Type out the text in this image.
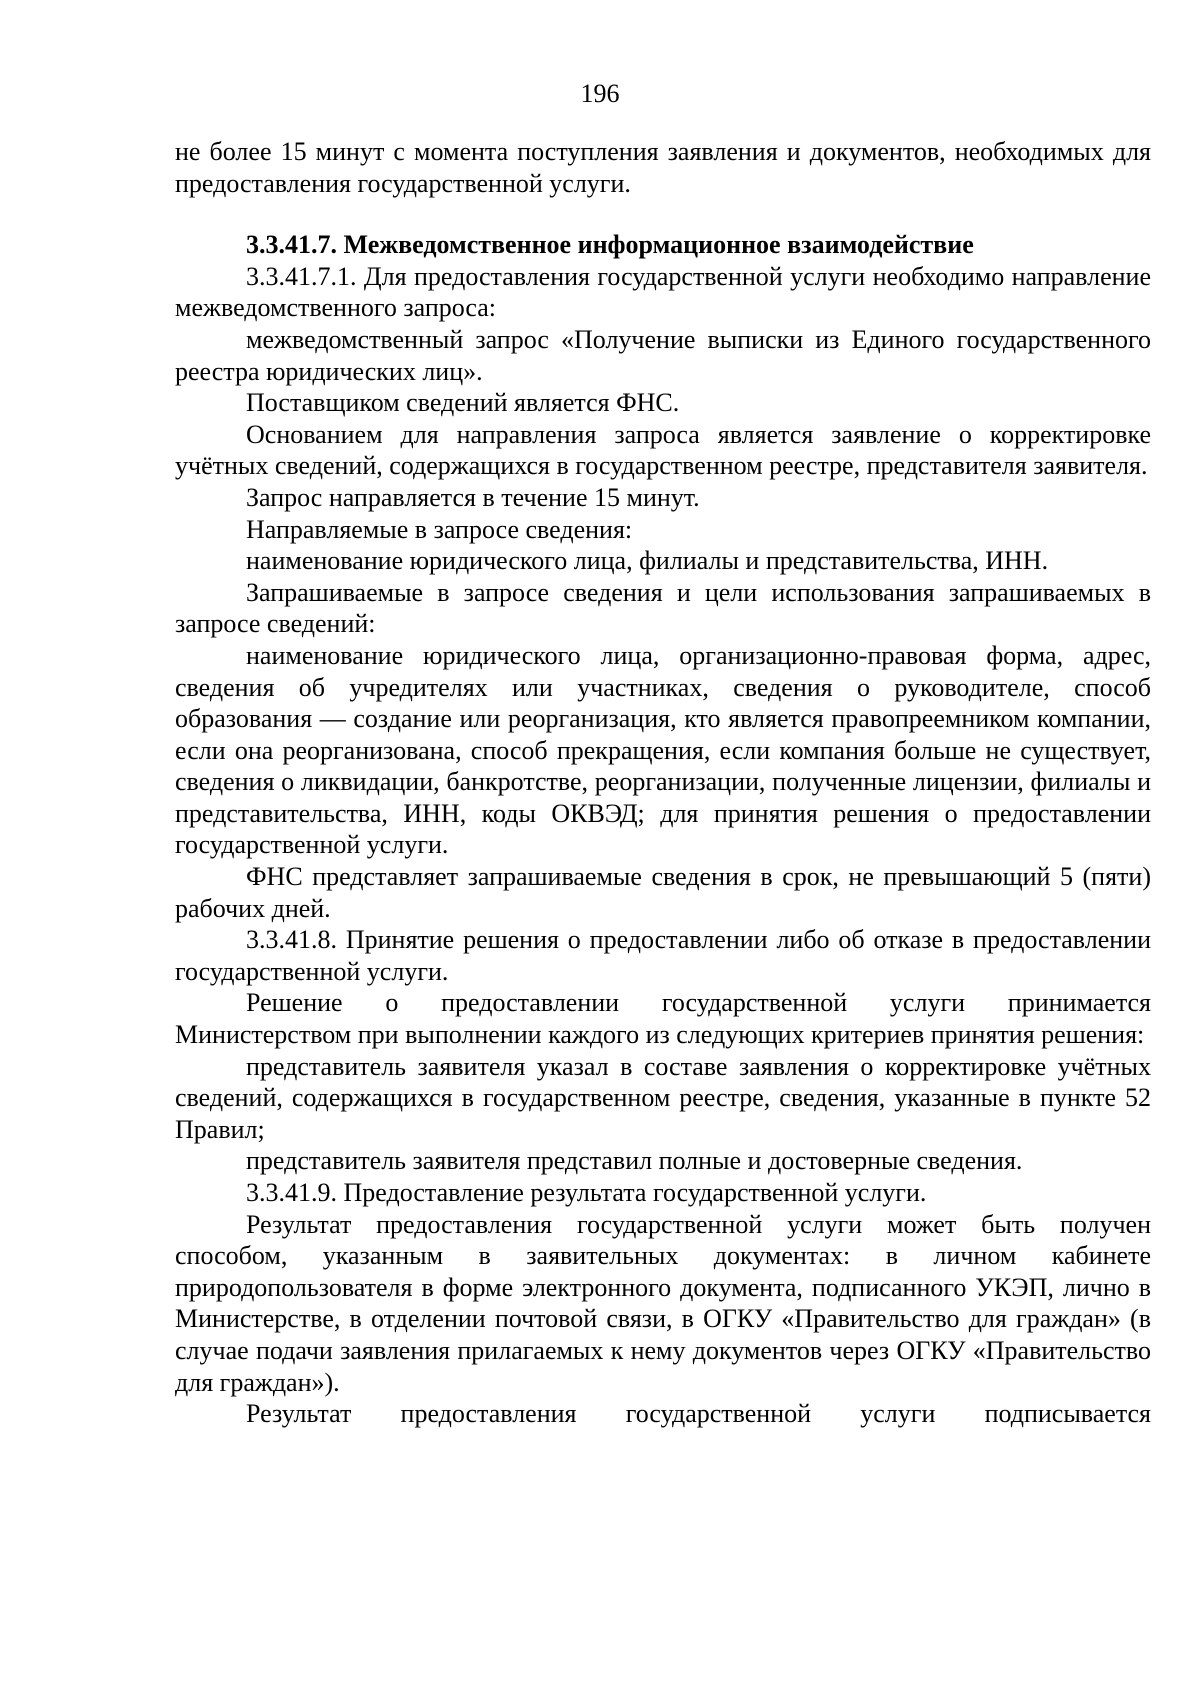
196

не более 15 минут с момента поступления заявления и документов, необходимых для предоставления государственной услуги.

3.3.41.7. Межведомственное информационное взаимодействие

3.3.41.7.1. Для предоставления государственной услуги необходимо направление межведомственного запроса:

межведомственный запрос «Получение выписки из Единого государственного реестра юридических лиц».

Поставщиком сведений является ФНС.

Основанием для направления запроса является заявление о корректировке учётных сведений, содержащихся в государственном реестре, представителя заявителя.

Запрос направляется в течение 15 минут.

Направляемые в запросе сведения:

наименование юридического лица, филиалы и представительства, ИНН.

Запрашиваемые в запросе сведения и цели использования запрашиваемых в запросе сведений:

наименование юридического лица, организационно-правовая форма, адрес, сведения об учредителях или участниках, сведения о руководителе, способ образования — создание или реорганизация, кто является правопреемником компании, если она реорганизована, способ прекращения, если компания больше не существует, сведения о ликвидации, банкротстве, реорганизации, полученные лицензии, филиалы и представительства, ИНН, коды ОКВЭД; для принятия решения о предоставлении государственной услуги.

ФНС представляет запрашиваемые сведения в срок, не превышающий 5 (пяти) рабочих дней.

3.3.41.8. Принятие решения о предоставлении либо об отказе в предоставлении государственной услуги.

Решение о предоставлении государственной услуги принимается Министерством при выполнении каждого из следующих критериев принятия решения:

представитель заявителя указал в составе заявления о корректировке учётных сведений, содержащихся в государственном реестре, сведения, указанные в пункте 52 Правил;

представитель заявителя представил полные и достоверные сведения.

3.3.41.9. Предоставление результата государственной услуги.

Результат предоставления государственной услуги может быть получен способом, указанным в заявительных документах: в личном кабинете природопользователя в форме электронного документа, подписанного УКЭП, лично в Министерстве, в отделении почтовой связи, в ОГКУ «Правительство для граждан» (в случае подачи заявления прилагаемых к нему документов через ОГКУ «Правительство для граждан»).

Результат предоставления государственной услуги подписывается
